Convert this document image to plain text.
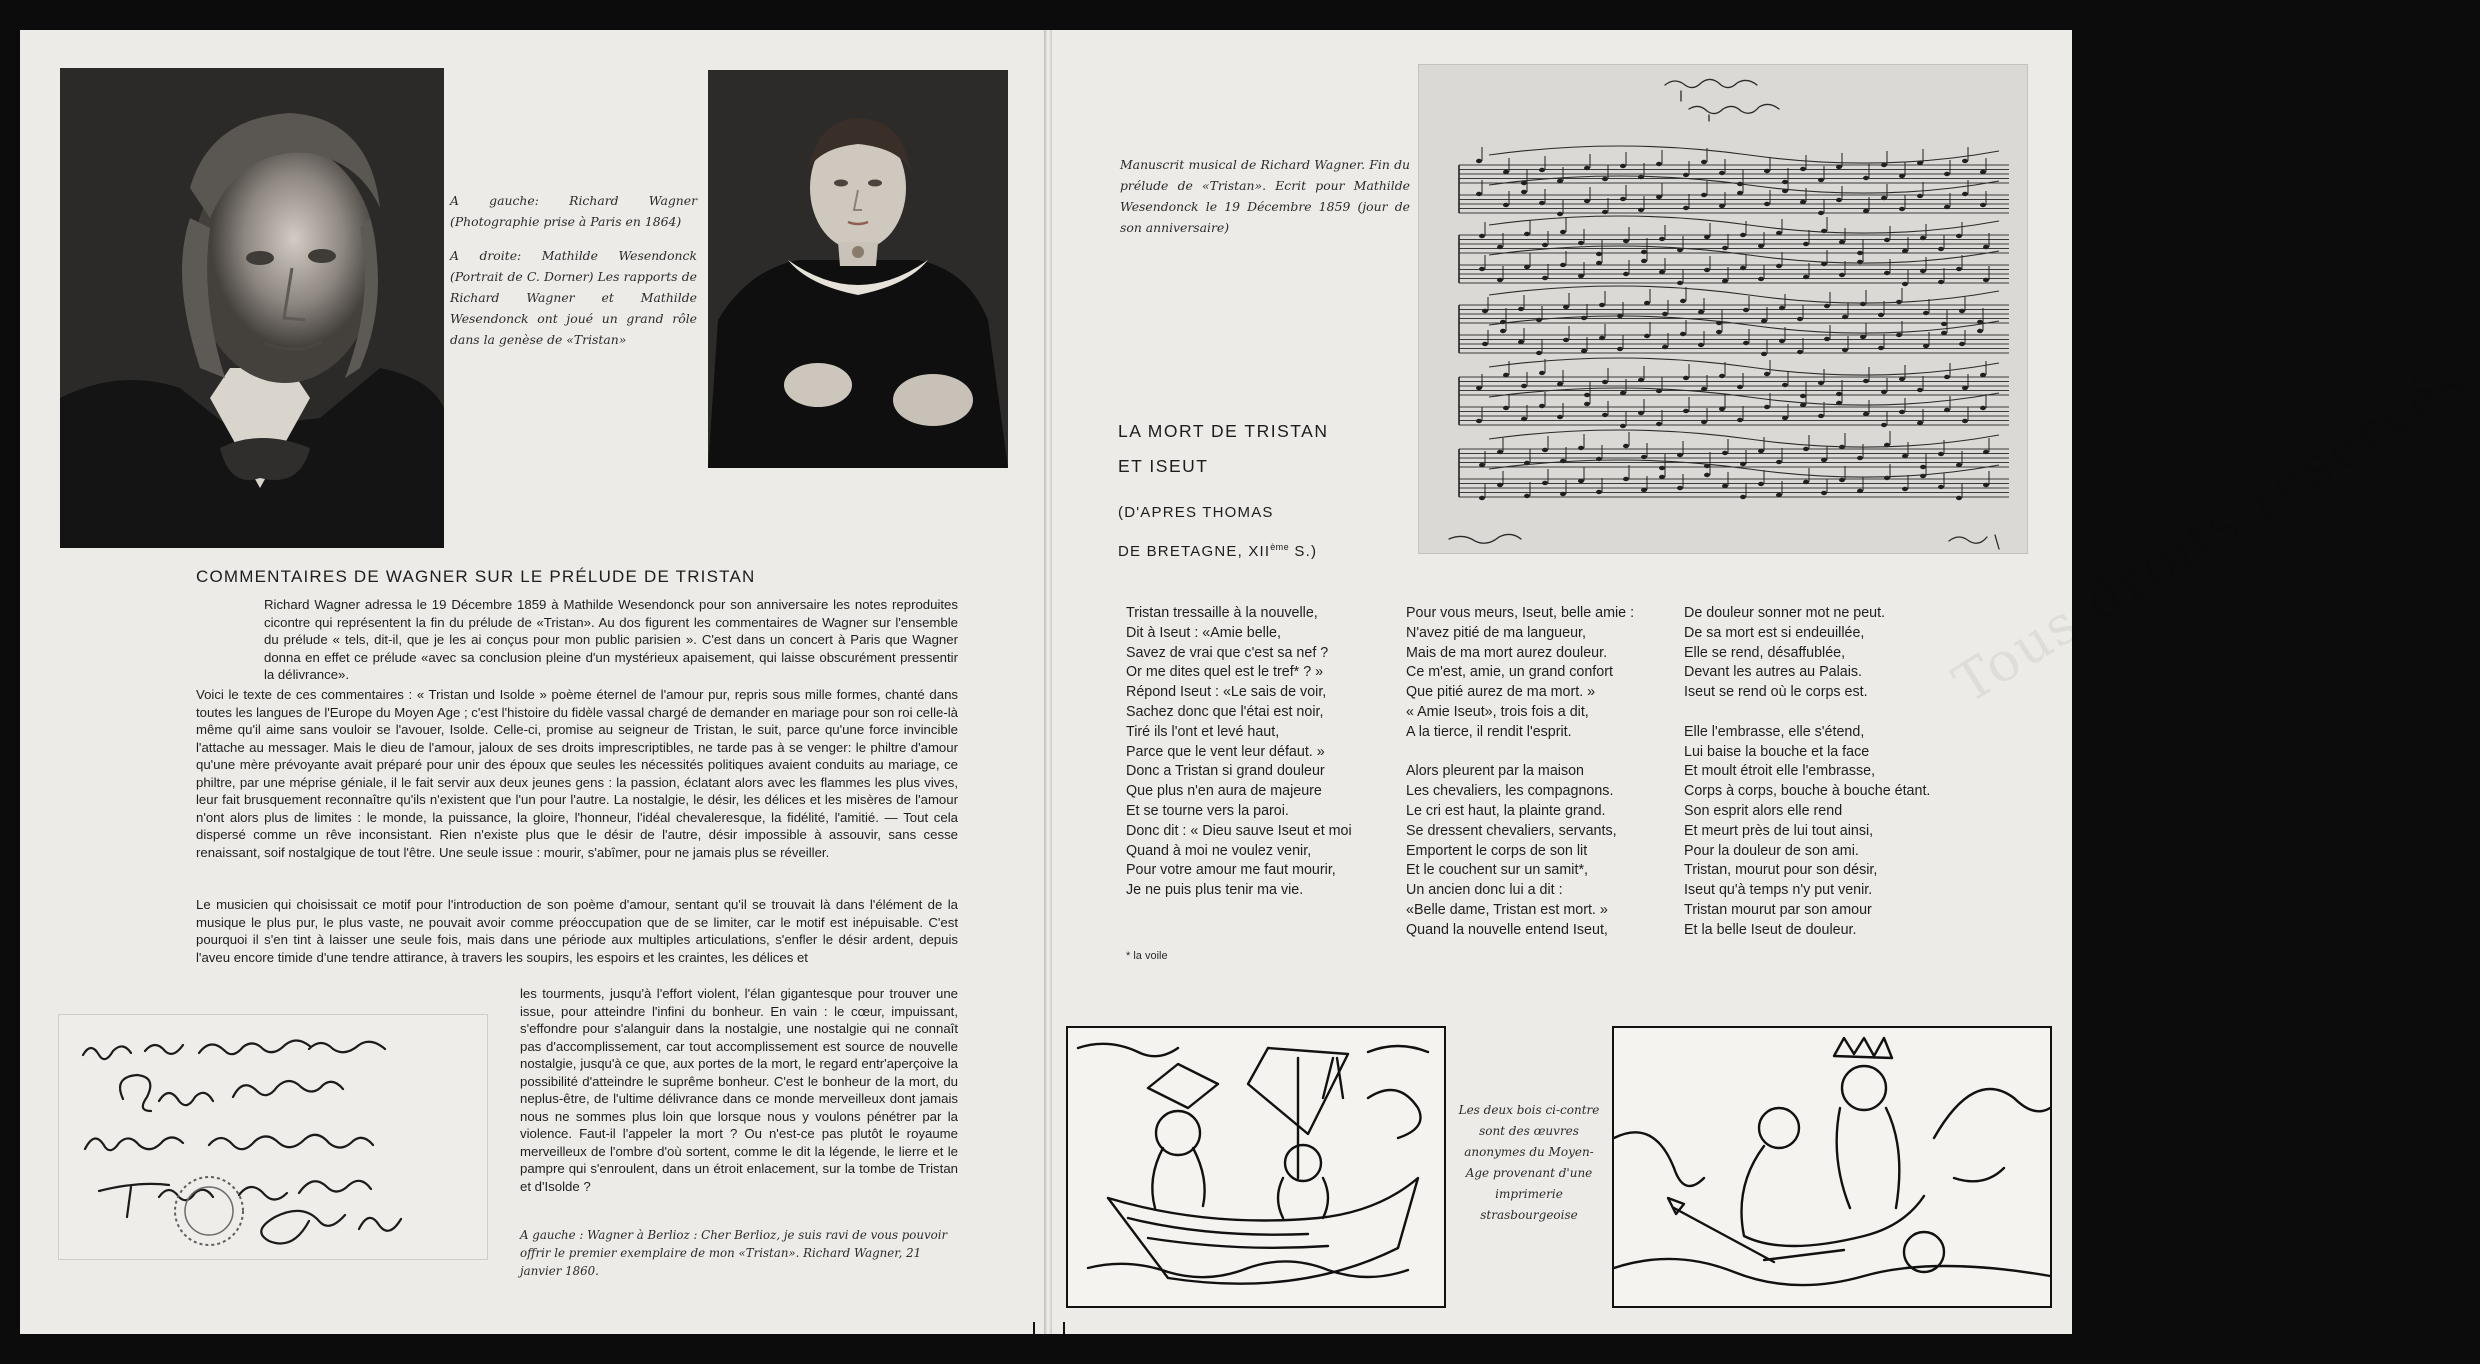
A gauche: Richard Wagner (Photographie prise à Paris en 1864)

A droite: Mathilde Wesendonck (Portrait de C. Dorner) Les rapports de Richard Wagner et Mathilde Wesendonck ont joué un grand rôle dans la genèse de «Tristan»

COMMENTAIRES DE WAGNER SUR LE PRÉLUDE DE TRISTAN
Richard Wagner adressa le 19 Décembre 1859 à Mathilde Wesendonck pour son anniversaire les notes reproduites cicontre qui représentent la fin du prélude de «Tristan». Au dos figurent les commentaires de Wagner sur l'ensemble du prélude « tels, dit-il, que je les ai conçus pour mon public parisien ». C'est dans un concert à Paris que Wagner donna en effet ce prélude «avec sa conclusion pleine d'un mystérieux apaisement, qui laisse obscurément pressentir la délivrance».
Voici le texte de ces commentaires : « Tristan und Isolde » poème éternel de l'amour pur, repris sous mille formes, chanté dans toutes les langues de l'Europe du Moyen Age ; c'est l'histoire du fidèle vassal chargé de demander en mariage pour son roi celle-là même qu'il aime sans vouloir se l'avouer, Isolde. Celle-ci, promise au seigneur de Tristan, le suit, parce qu'une force invincible l'attache au messager. Mais le dieu de l'amour, jaloux de ses droits imprescriptibles, ne tarde pas à se venger: le philtre d'amour qu'une mère prévoyante avait préparé pour unir des époux que seules les nécessités politiques avaient conduits au mariage, ce philtre, par une méprise géniale, il le fait servir aux deux jeunes gens : la passion, éclatant alors avec les flammes les plus vives, leur fait brusquement reconnaître qu'ils n'existent que l'un pour l'autre. La nostalgie, le désir, les délices et les misères de l'amour n'ont alors plus de limites : le monde, la puissance, la gloire, l'honneur, l'idéal chevaleresque, la fidélité, l'amitié. — Tout cela dispersé comme un rêve inconsistant. Rien n'existe plus que le désir de l'autre, désir impossible à assouvir, sans cesse renaissant, soif nostalgique de tout l'être. Une seule issue : mourir, s'abîmer, pour ne jamais plus se réveiller.
Le musicien qui choisissait ce motif pour l'introduction de son poème d'amour, sentant qu'il se trouvait là dans l'élément de la musique le plus pur, le plus vaste, ne pouvait avoir comme préoccupation que de se limiter, car le motif est inépuisable. C'est pourquoi il s'en tint à laisser une seule fois, mais dans une période aux multiples articulations, s'enfler le désir ardent, depuis l'aveu encore timide d'une tendre attirance, à travers les soupirs, les espoirs et les craintes, les délices et
les tourments, jusqu'à l'effort violent, l'élan gigantesque pour trouver une issue, pour atteindre l'infini du bonheur. En vain : le cœur, impuissant, s'effondre pour s'alanguir dans la nostalgie, une nostalgie qui ne connaît pas d'accomplissement, car tout accomplissement est source de nouvelle nostalgie, jusqu'à ce que, aux portes de la mort, le regard entr'aperçoive la possibilité d'atteindre le suprême bonheur. C'est le bonheur de la mort, du neplus-être, de l'ultime délivrance dans ce monde merveilleux dont jamais nous ne sommes plus loin que lorsque nous y voulons pénétrer par la violence. Faut-il l'appeler la mort ? Ou n'est-ce pas plutôt le royaume merveilleux de l'ombre d'où sortent, comme le dit la légende, le lierre et le pampre qui s'enroulent, dans un étroit enlacement, sur la tombe de Tristan et d'Isolde ?
A gauche : Wagner à Berlioz : Cher Berlioz, je suis ravi de vous pouvoir offrir le premier exemplaire de mon «Tristan». Richard Wagner, 21 janvier 1860.
Manuscrit musical de Richard Wagner. Fin du prélude de «Tristan». Ecrit pour Mathilde Wesendonck le 19 Décembre 1859 (jour de son anniversaire)
LA MORT DE TRISTAN
ET ISEUT
(D'APRES THOMAS
DE BRETAGNE, XIIème S.)
Tristan tressaille à la nouvelle,
Dit à Iseut : «Amie belle,
Savez de vrai que c'est sa nef ?
Or me dites quel est le tref* ? »
Répond Iseut : «Le sais de voir,
Sachez donc que l'étai est noir,
Tiré ils l'ont et levé haut,
Parce que le vent leur défaut. »
Donc a Tristan si grand douleur
Que plus n'en aura de majeure
Et se tourne vers la paroi.
Donc dit : « Dieu sauve Iseut et moi
Quand à moi ne voulez venir,
Pour votre amour me faut mourir,
Je ne puis plus tenir ma vie.
Pour vous meurs, Iseut, belle amie :
N'avez pitié de ma langueur,
Mais de ma mort aurez douleur.
Ce m'est, amie, un grand confort
Que pitié aurez de ma mort. »
« Amie Iseut», trois fois a dit,
A la tierce, il rendit l'esprit.
Alors pleurent par la maison
Les chevaliers, les compagnons.
Le cri est haut, la plainte grand.
Se dressent chevaliers, servants,
Emportent le corps de son lit
Et le couchent sur un samit*,
Un ancien donc lui a dit :
«Belle dame, Tristan est mort. »
Quand la nouvelle entend Iseut,
De douleur sonner mot ne peut.
De sa mort est si endeuillée,
Elle se rend, désaffublée,
Devant les autres au Palais.
Iseut se rend où le corps est.
Elle l'embrasse, elle s'étend,
Lui baise la bouche et la face
Et moult étroit elle l'embrasse,
Corps à corps, bouche à bouche étant.
Son esprit alors elle rend
Et meurt près de lui tout ainsi,
Pour la douleur de son ami.
Tristan, mourut pour son désir,
Iseut qu'à temps n'y put venir.
Tristan mourut par son amour
Et la belle Iseut de douleur.
* la voile
Les deux bois ci-contre sont des œuvres anonymes du Moyen-Age provenant d'une imprimerie strasbourgeoise
Tous droits réservés
